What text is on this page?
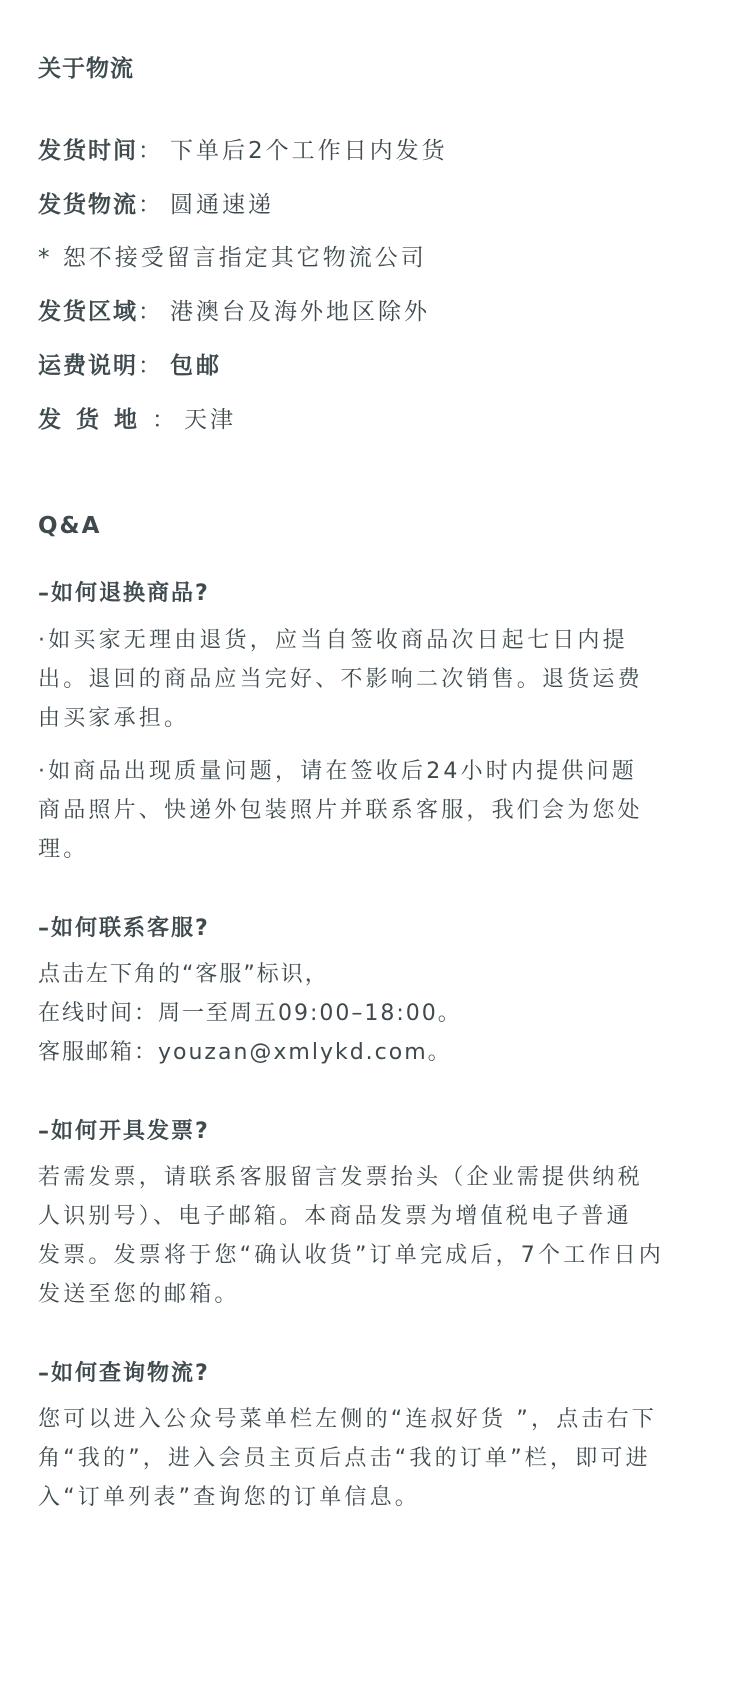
关于物流
发货时间： 下单后2个工作日内发货
发货物流： 圆通速递
* 恕不接受留言指定其它物流公司
发货区域： 港澳台及海外地区除外
运费说明： 包邮
发货地： 天津
Q&A
–如何退换商品?
·如买家无理由退货，应当自签收商品次日起七日内提
出。退回的商品应当完好、不影响二次销售。退货运费
由买家承担。
·如商品出现质量问题，请在签收后24小时内提供问题
商品照片、快递外包装照片并联系客服，我们会为您处
理。
–如何联系客服?
点击左下角的“客服”标识，
在线时间：周一至周五09:00–18:00。
客服邮箱：youzan@xmlykd.com。
–如何开具发票?
若需发票，请联系客服留言发票抬头（企业需提供纳税
人识别号）、电子邮箱。本商品发票为增值税电子普通
发票。发票将于您“确认收货”订单完成后，7个工作日内
发送至您的邮箱。
–如何查询物流?
您可以进入公众号菜单栏左侧的“连叔好货 ”，点击右下
角“我的”，进入会员主页后点击“我的订单”栏，即可进
入“订单列表”查询您的订单信息。
